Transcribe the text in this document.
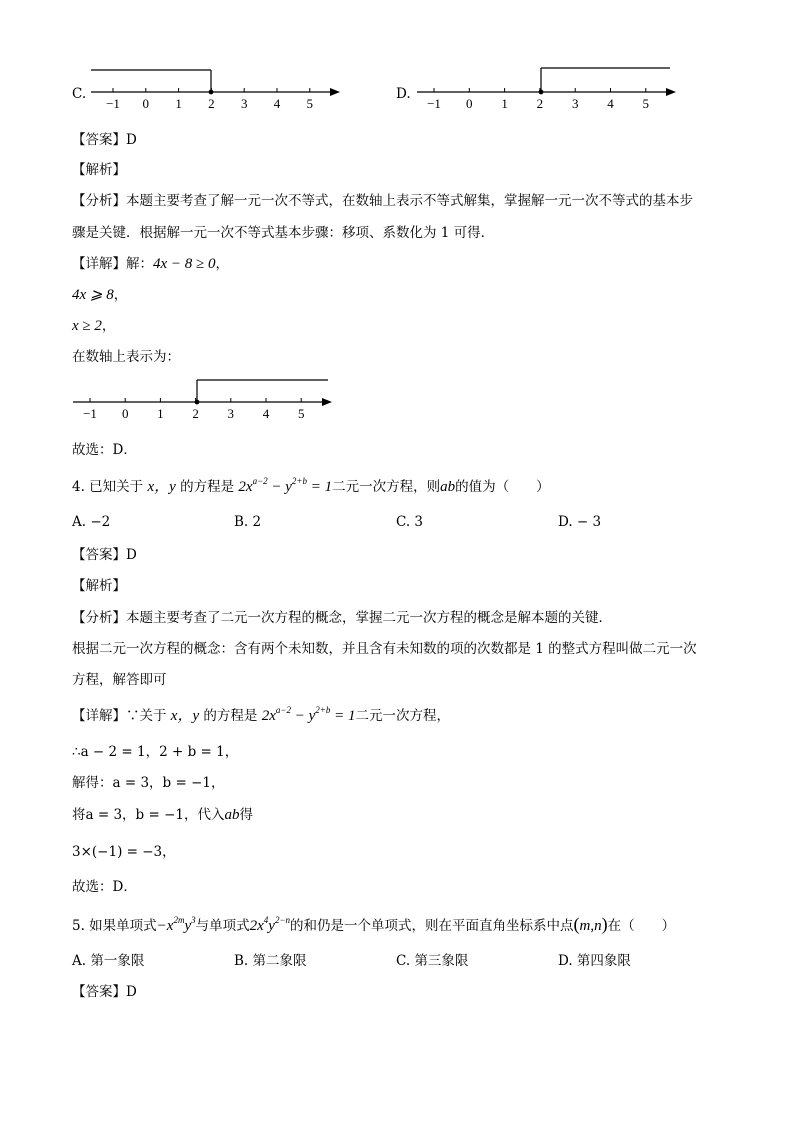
C.
−1 0 1 2 3 4 5
D.
−1 0 1 2 3 4 5
【答案】D
【解析】
【分析】本题主要考查了解一元一次不等式，在数轴上表示不等式解集，掌握解一元一次不等式的基本步
骤是关键．根据解一元一次不等式基本步骤：移项、系数化为 1 可得．
【详解】解：4x − 8 ≥ 0，
4x ⩾ 8，
x ≥ 2，
在数轴上表示为：
−1 0 1 2 3 4 5
故选：D．
4. 已知关于 x，y 的方程是 $2x^{a-2} - y^{2+b} = 1$二元一次方程，则ab的值为（　　）
A. −2	B. 2	C. 3	D. − 3
【答案】D
【解析】
【分析】本题主要考查了二元一次方程的概念，掌握二元一次方程的概念是解本题的关键．
根据二元一次方程的概念：含有两个未知数，并且含有未知数的项的次数都是 1 的整式方程叫做二元一次
方程，解答即可
【详解】∵关于 x，y 的方程是 $2x^{a-2} - y^{2+b} = 1$二元一次方程，
∴a − 2 = 1，2 + b = 1，
解得：a = 3，b = −1，
将a = 3，b = −1，代入ab得
3×(−1) = −3，
故选：D．
5. 如果单项式$-x^{2m}y^3$与单项式$2x^4y^{2-n}$的和仍是一个单项式，则在平面直角坐标系中点(m,n)在（　　）
A. 第一象限	B. 第二象限	C. 第三象限	D. 第四象限
【答案】D
